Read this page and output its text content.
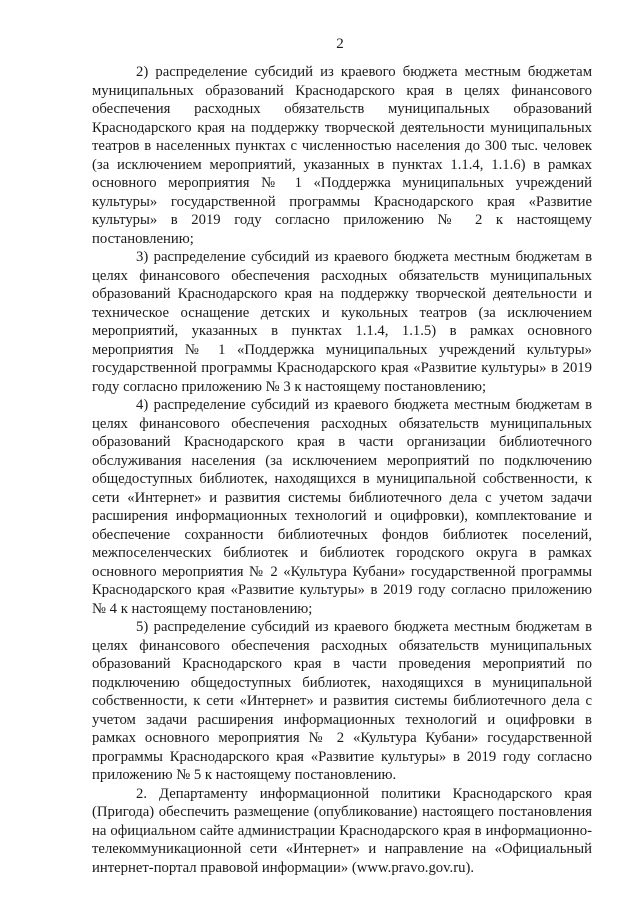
2

2) распределение субсидий из краевого бюджета местным бюджетам муниципальных образований Краснодарского края в целях финансового обеспечения расходных обязательств муниципальных образований Краснодарского края на поддержку творческой деятельности муниципальных театров в населенных пунктах с численностью населения до 300 тыс. человек (за исключением мероприятий, указанных в пунктах 1.1.4, 1.1.6) в рамках основного мероприятия № 1 «Поддержка муниципальных учреждений культуры» государственной программы Краснодарского края «Развитие культуры» в 2019 году согласно приложению № 2 к настоящему постановлению;

3) распределение субсидий из краевого бюджета местным бюджетам в целях финансового обеспечения расходных обязательств муниципальных образований Краснодарского края на поддержку творческой деятельности и техническое оснащение детских и кукольных театров (за исключением мероприятий, указанных в пунктах 1.1.4, 1.1.5) в рамках основного мероприятия № 1 «Поддержка муниципальных учреждений культуры» государственной программы Краснодарского края «Развитие культуры» в 2019 году согласно приложению № 3 к настоящему постановлению;

4) распределение субсидий из краевого бюджета местным бюджетам в целях финансового обеспечения расходных обязательств муниципальных образований Краснодарского края в части организации библиотечного обслуживания населения (за исключением мероприятий по подключению общедоступных библиотек, находящихся в муниципальной собственности, к сети «Интернет» и развития системы библиотечного дела с учетом задачи расширения информационных технологий и оцифровки), комплектование и обеспечение сохранности библиотечных фондов библиотек поселений, межпоселенческих библиотек и библиотек городского округа в рамках основного мероприятия № 2 «Культура Кубани» государственной программы Краснодарского края «Развитие культуры» в 2019 году согласно приложению № 4 к настоящему постановлению;

5) распределение субсидий из краевого бюджета местным бюджетам в целях финансового обеспечения расходных обязательств муниципальных образований Краснодарского края в части проведения мероприятий по подключению общедоступных библиотек, находящихся в муниципальной собственности, к сети «Интернет» и развития системы библиотечного дела с учетом задачи расширения информационных технологий и оцифровки в рамках основного мероприятия № 2 «Культура Кубани» государственной программы Краснодарского края «Развитие культуры» в 2019 году согласно приложению № 5 к настоящему постановлению.

2. Департаменту информационной политики Краснодарского края (Пригода) обеспечить размещение (опубликование) настоящего постановления на официальном сайте администрации Краснодарского края в информационно-телекоммуникационной сети «Интернет» и направление на «Официальный интернет-портал правовой информации» (www.pravo.gov.ru).
